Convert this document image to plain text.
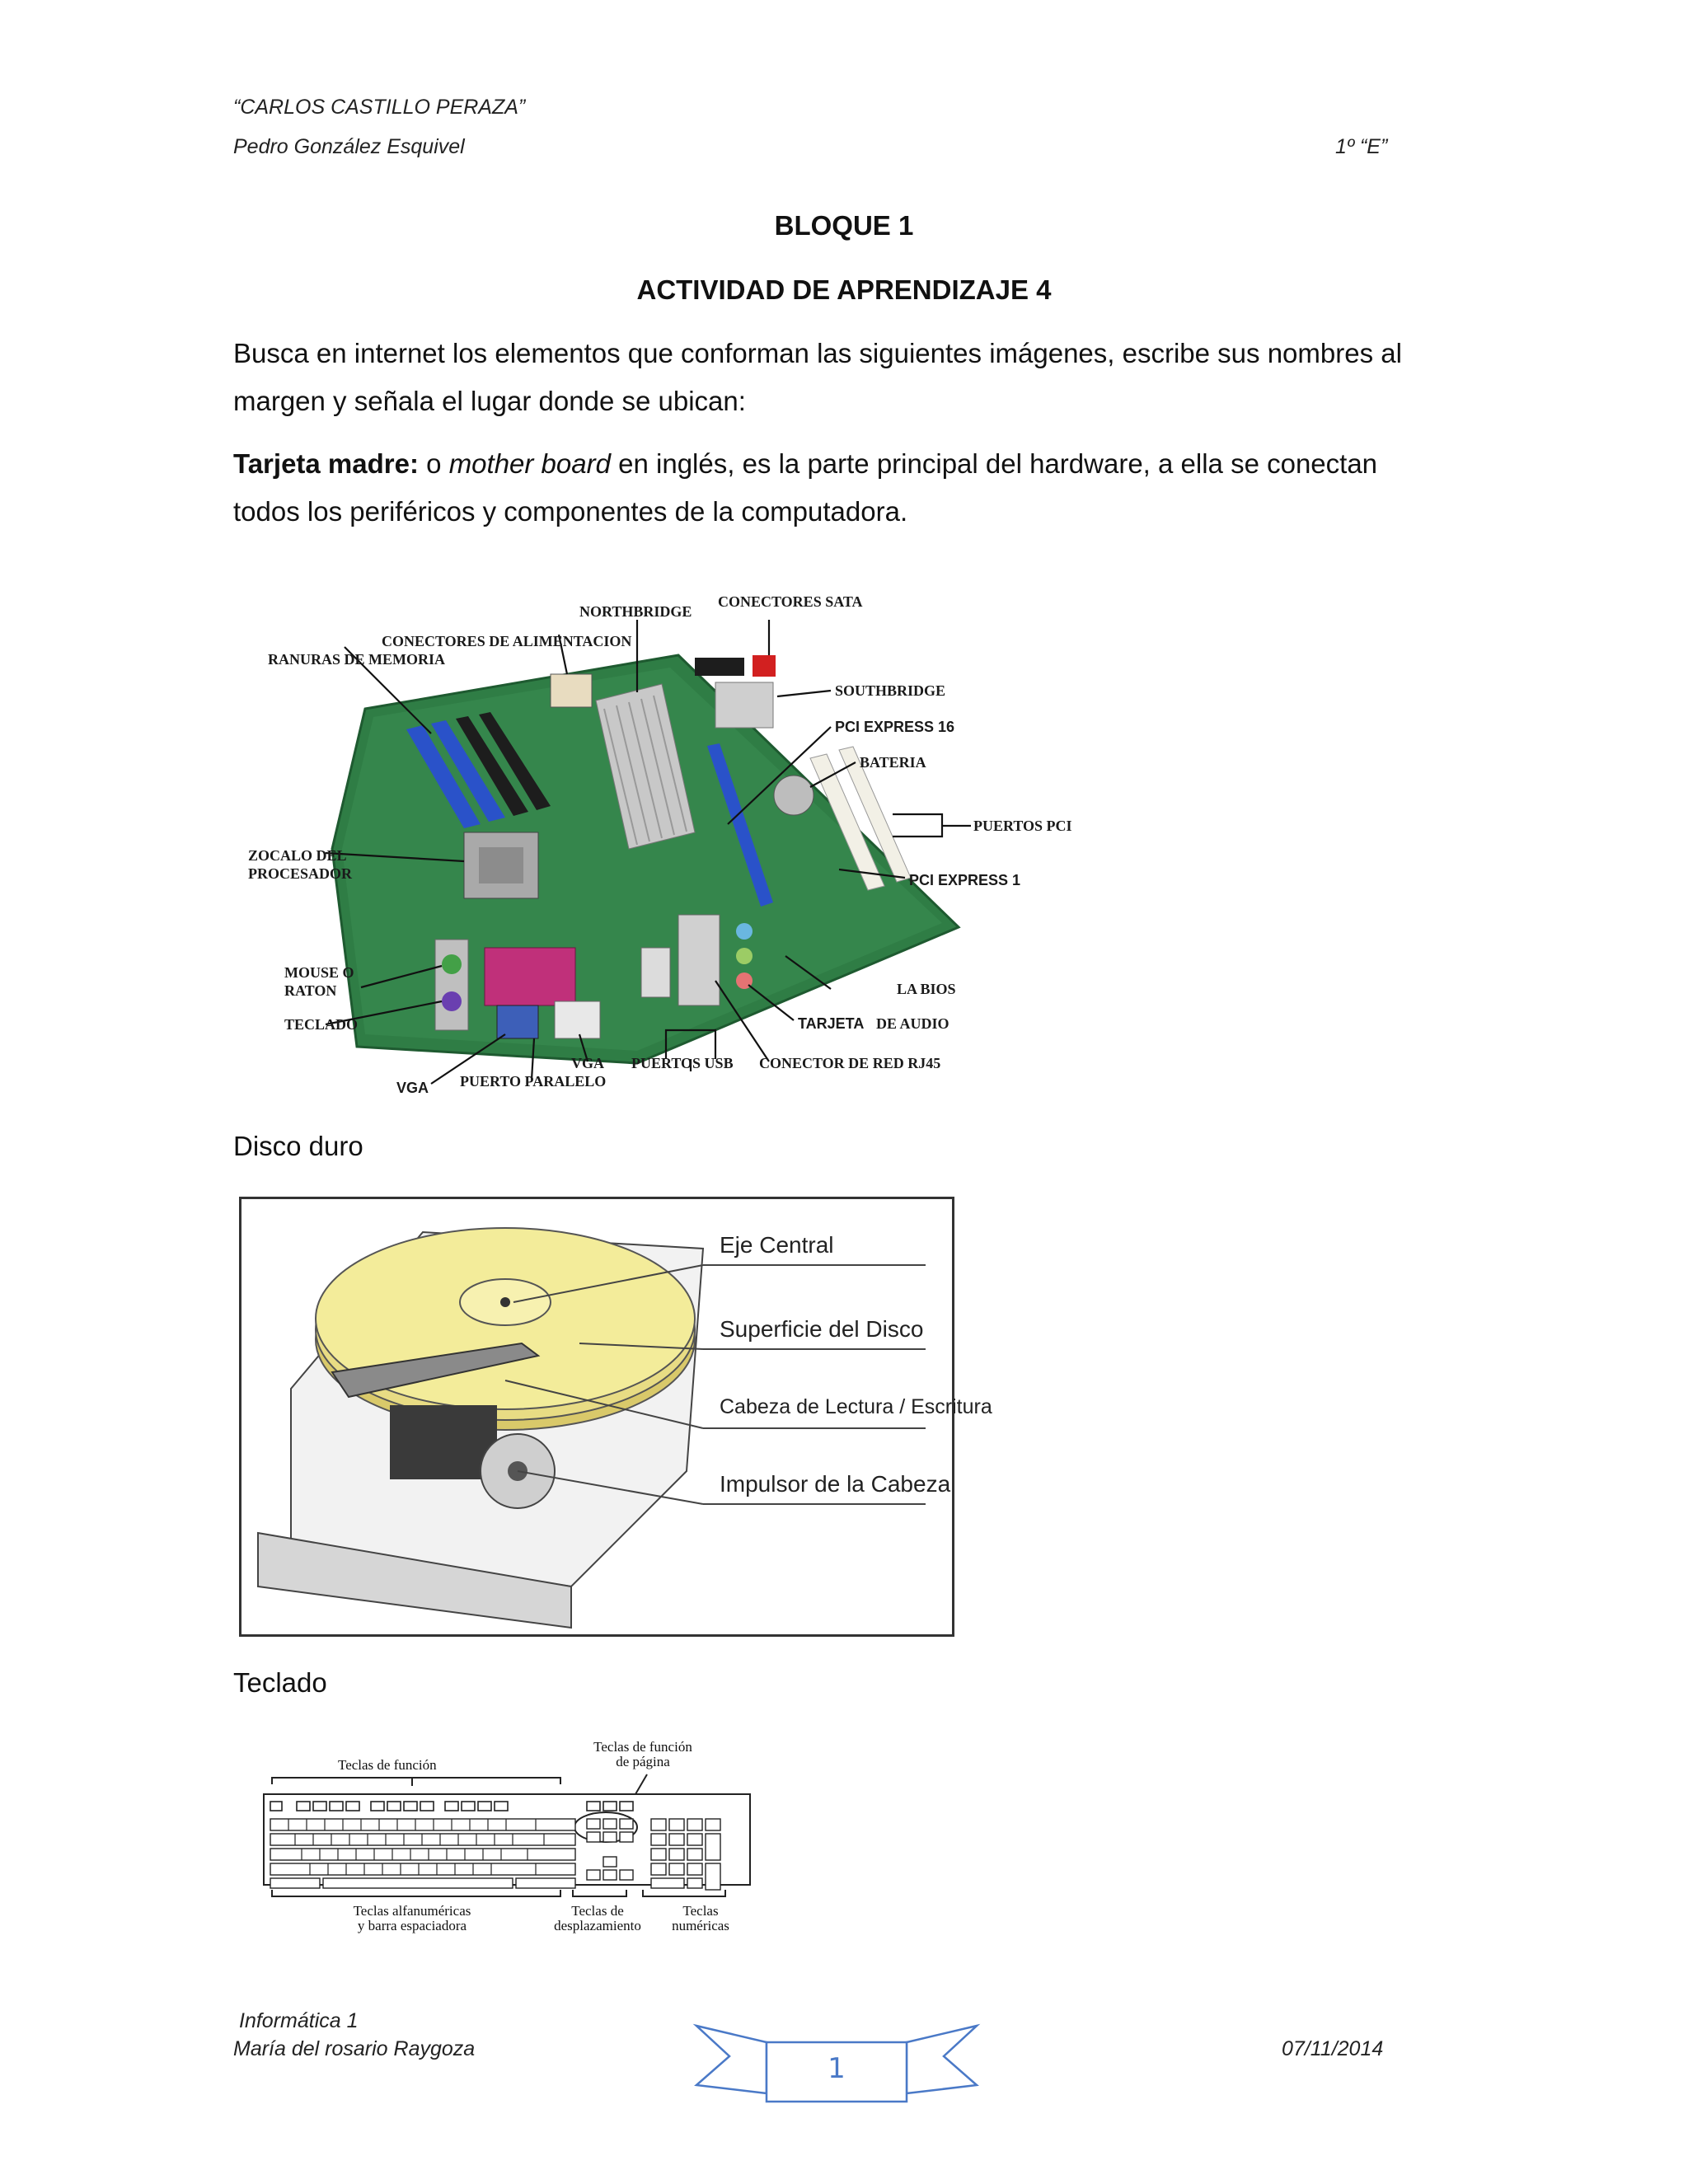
“CARLOS CASTILLO PERAZA”
Pedro González Esquivel	1º “E”
BLOQUE 1
ACTIVIDAD DE APRENDIZAJE 4
Busca en internet los elementos que conforman las siguientes imágenes, escribe sus nombres al margen y señala el lugar donde se ubican:
Tarjeta madre: o mother board en inglés, es la parte principal del hardware, a ella se conectan todos los periféricos y componentes de la computadora.
NORTHBRIDGE
CONECTORES SATA
CONECTORES DE ALIMENTACION
RANURAS DE MEMORIA
SOUTHBRIDGE
PCI EXPRESS 16
BATERIA
PUERTOS PCI
ZOCALO DEL
PROCESADOR	PCI EXPRESS 1
MOUSE O
RATON	LA BIOS
TECLADO	TARJETA DE AUDIO
VGA PUERTOS USB CONECTOR DE RED RJ45
VGA PUERTO PARALELO
Disco duro
Eje Central
Superficie del Disco
Cabeza de Lectura / Escritura
Impulsor de la Cabeza
Teclado
Teclas de función
Teclas de función
de página
Teclas alfanuméricas
y barra espaciadora
Teclas de
desplazamiento
Teclas
numéricas
Informática 1
María del rosario Raygoza	07/11/2014
1
